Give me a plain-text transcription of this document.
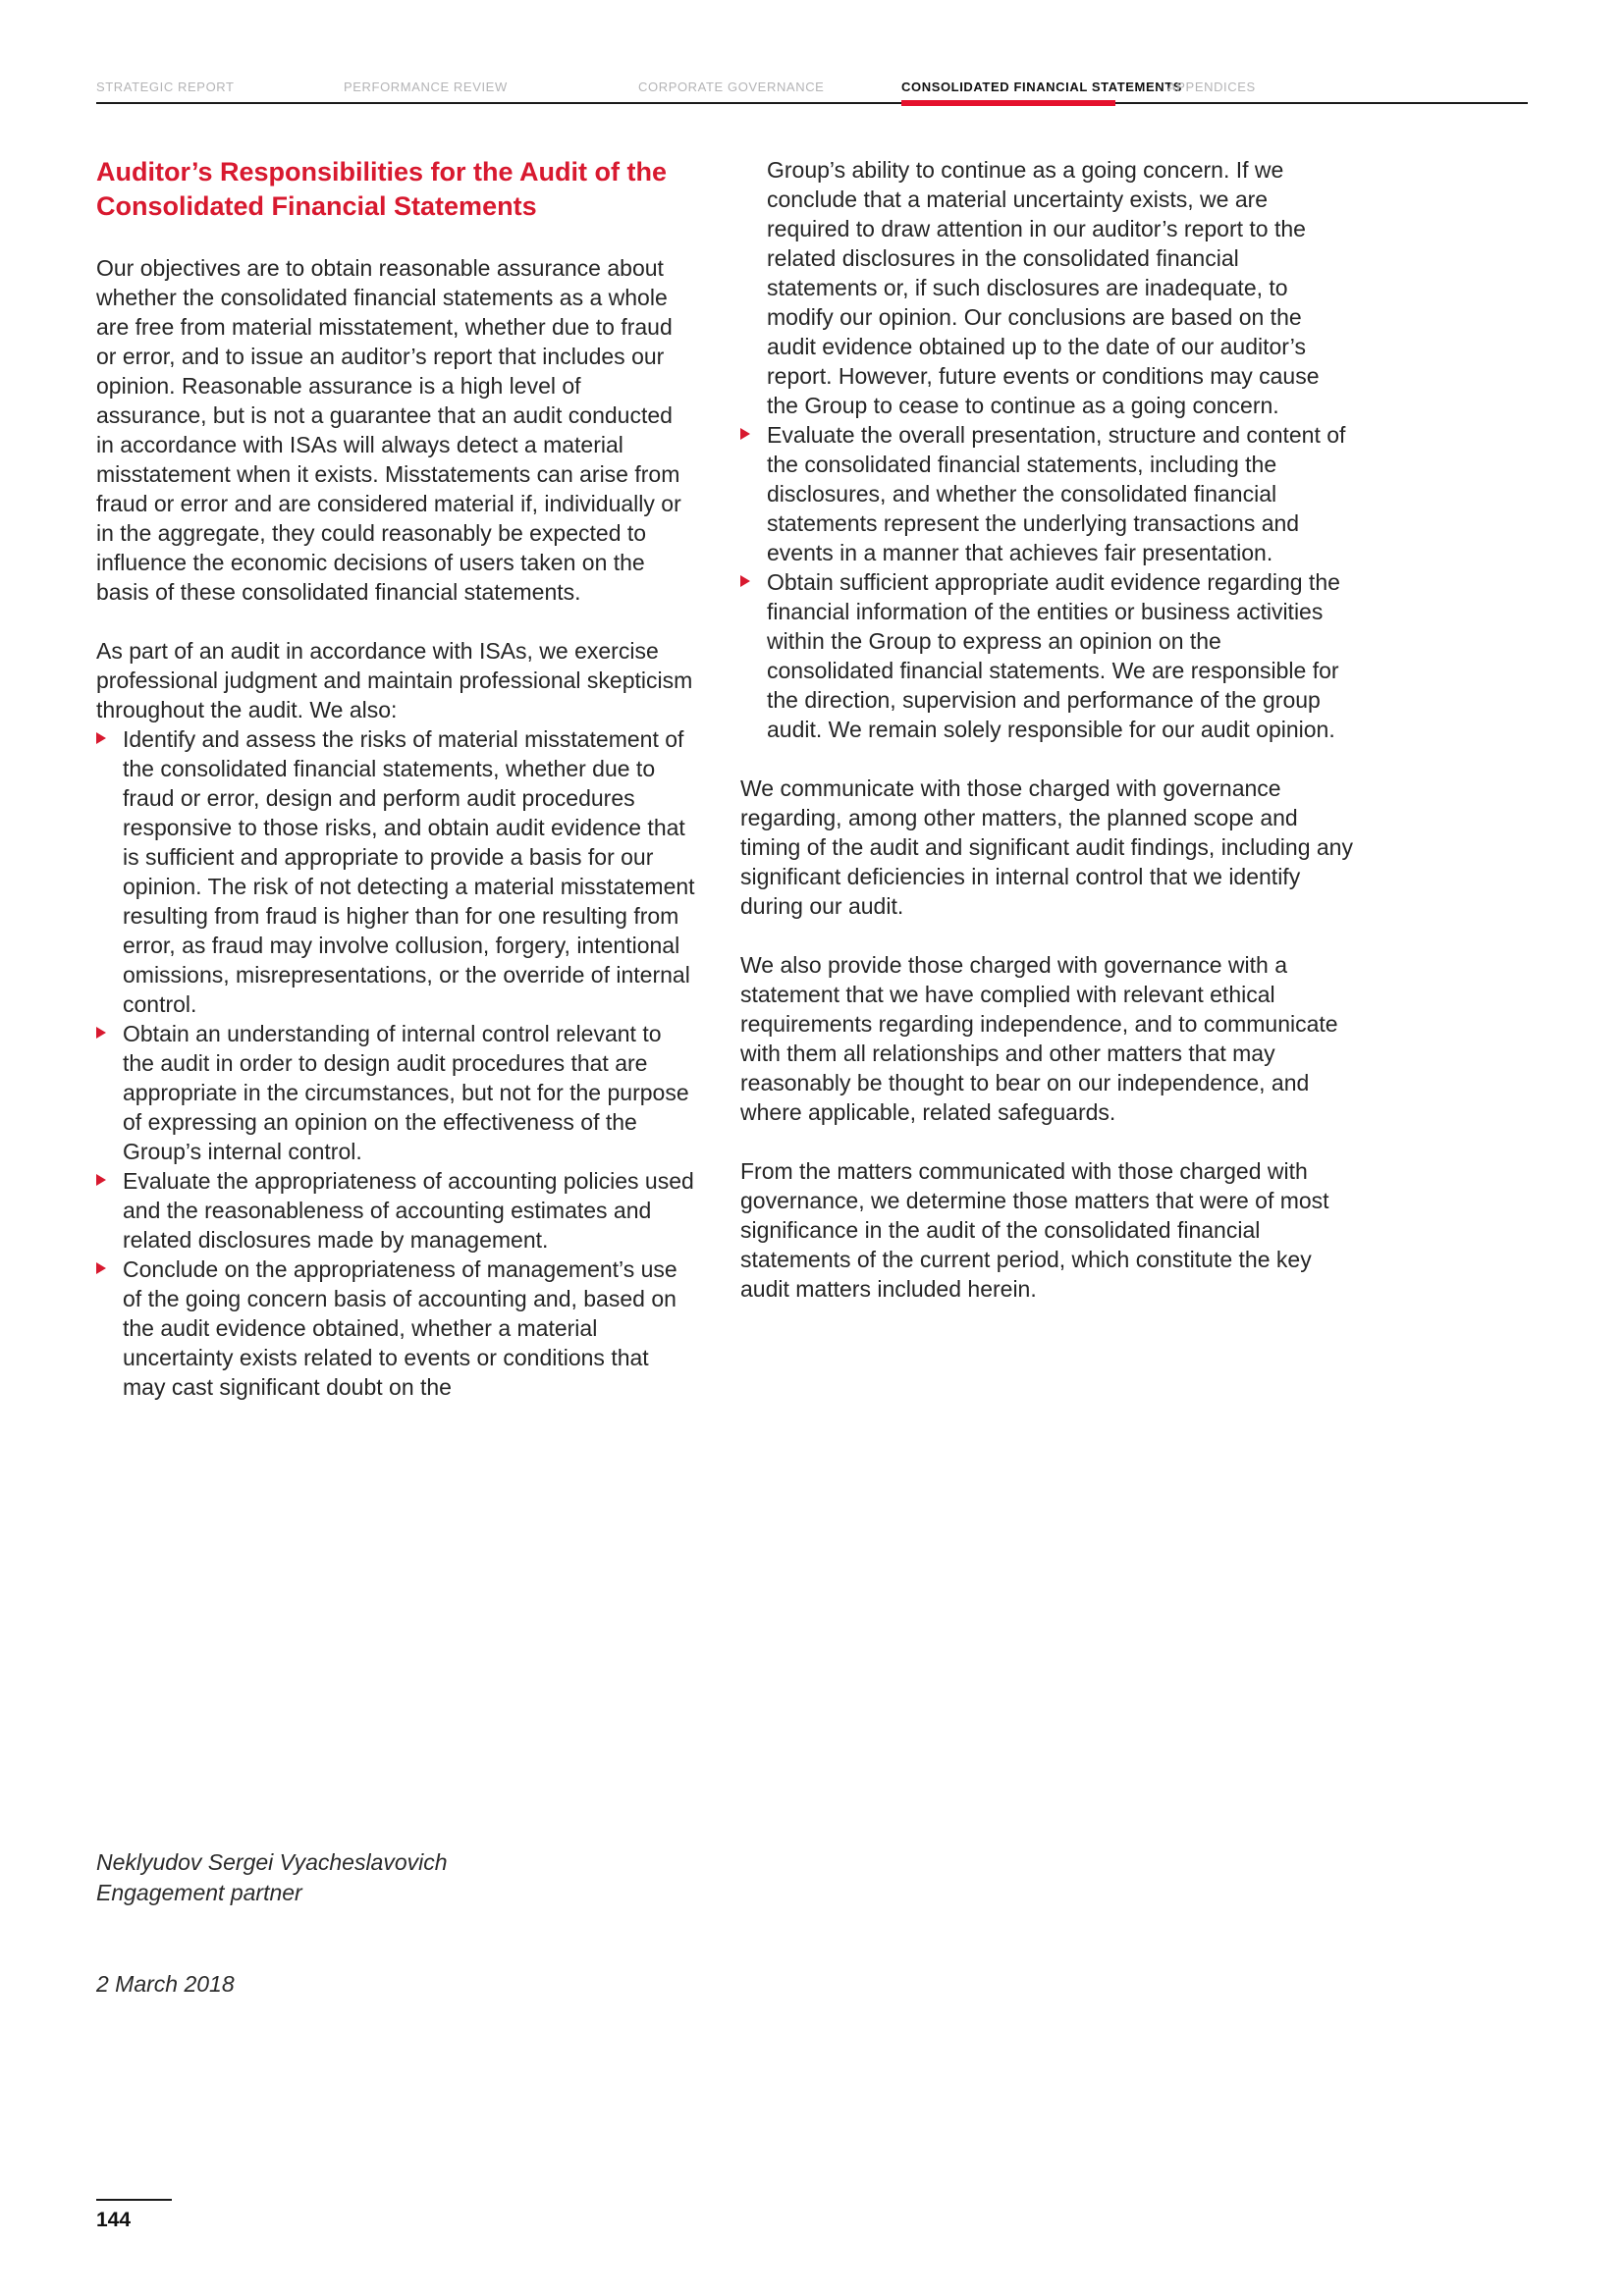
STRATEGIC REPORT	PERFORMANCE REVIEW	CORPORATE GOVERNANCE	CONSOLIDATED FINANCIAL STATEMENTS
APPENDICES
Auditor’s Responsibilities for the Audit of the Consolidated Financial Statements

Our objectives are to obtain reasonable assurance about whether the consolidated financial statements as a whole are free from material misstatement, whether due to fraud or error, and to issue an auditor’s report that includes our opinion. Reasonable assurance is a high level of assurance, but is not a guarantee that an audit conducted in accordance with ISAs will always detect a material misstatement when it exists. Misstatements can arise from fraud or error and are considered material if, individually or in the aggregate, they could reasonably be expected to influence the economic decisions of users taken on the basis of these consolidated financial statements.

As part of an audit in accordance with ISAs, we exercise professional judgment and maintain professional skepticism throughout the audit. We also:

Identify and assess the risks of material misstatement of the consolidated financial statements, whether due to fraud or error, design and perform audit procedures responsive to those risks, and obtain audit evidence that is sufficient and appropriate to provide a basis for our opinion. The risk of not detecting a material misstatement resulting from fraud is higher than for one resulting from error, as fraud may involve collusion, forgery, intentional omissions, misrepresentations, or the override of internal control.
Obtain an understanding of internal control relevant to the audit in order to design audit procedures that are appropriate in the circumstances, but not for the purpose of expressing an opinion on the effectiveness of the Group’s internal control.
Evaluate the appropriateness of accounting policies used and the reasonableness of accounting estimates and related disclosures made by management.
Conclude on the appropriateness of management’s use of the going concern basis of accounting and, based on the audit evidence obtained, whether a material uncertainty exists related to events or conditions that may cast significant doubt on the

Group’s ability to continue as a going concern. If we conclude that a material uncertainty exists, we are required to draw attention in our auditor’s report to the related disclosures in the consolidated financial statements or, if such disclosures are inadequate, to modify our opinion. Our conclusions are based on the audit evidence obtained up to the date of our auditor’s report. However, future events or conditions may cause the Group to cease to continue as a going concern.

Evaluate the overall presentation, structure and content of the consolidated financial statements, including the disclosures, and whether the consolidated financial statements represent the underlying transactions and events in a manner that achieves fair presentation.
Obtain sufficient appropriate audit evidence regarding the financial information of the entities or business activities within the Group to express an opinion on the consolidated financial statements. We are responsible for the direction, supervision and performance of the group audit. We remain solely responsible for our audit opinion.

We communicate with those charged with governance regarding, among other matters, the planned scope and timing of the audit and significant audit findings, including any significant deficiencies in internal control that we identify during our audit.

We also provide those charged with governance with a statement that we have complied with relevant ethical requirements regarding independence, and to communicate with them all relationships and other matters that may reasonably be thought to bear on our independence, and where applicable, related safeguards.

From the matters communicated with those charged with governance, we determine those matters that were of most significance in the audit of the consolidated financial statements of the current period, which constitute the key audit matters included herein.

Neklyudov Sergei Vyacheslavovich
Engagement partner
2 March 2018
144
